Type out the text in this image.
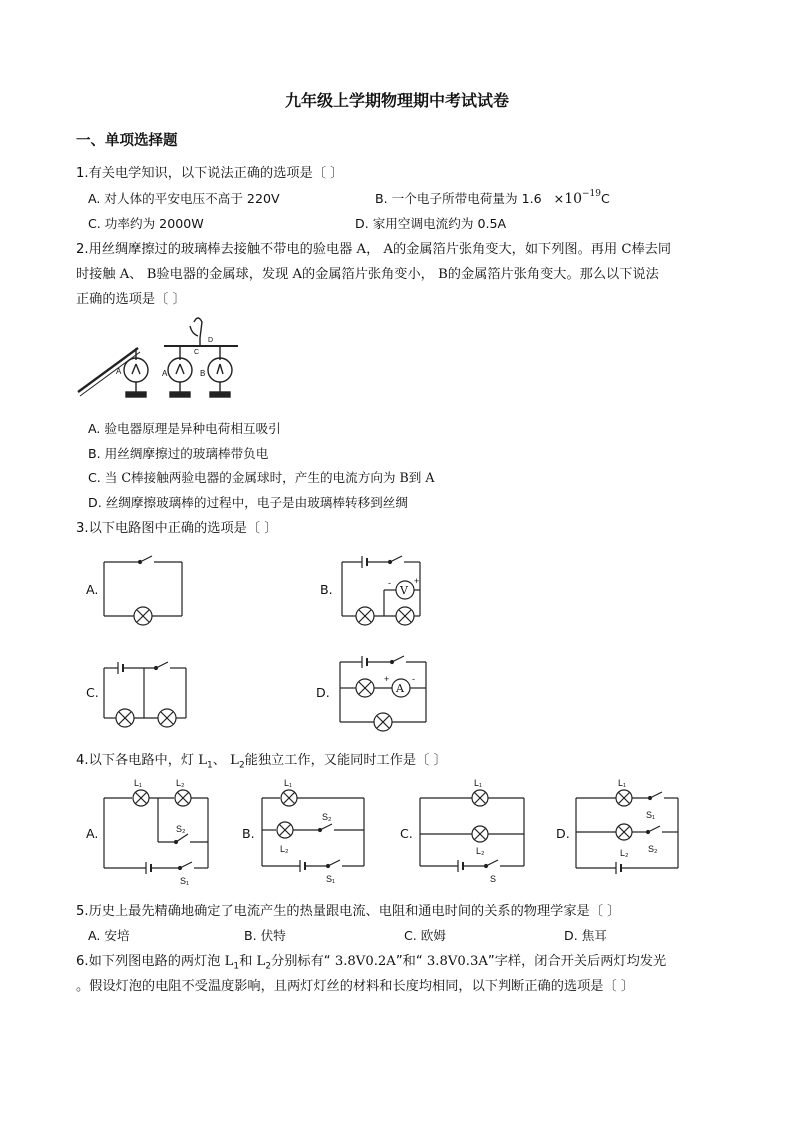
九年级上学期物理期中考试试卷
一、单项选择题
1.有关电学知识，以下说法正确的选项是〔 〕
A. 对人体的平安电压不高于 220V	B. 一个电子所带电荷量为 $1.6 \times 10^{-19}C$
C. 功率约为 2000W	D. 家用空调电流约为 0.5A
2.用丝绸摩擦过的玻璃棒去接触不带电的验电器 A， A的金属箔片张角变大，如下列图。再用 C棒去同
时接触 A、 B验电器的金属球，发现 A的金属箔片张角变小， B的金属箔片张角变大。那么以下说法
正确的选项是〔 〕
A	A	B
C
D
A. 验电器原理是异种电荷相互吸引
B. 用丝绸摩擦过的玻璃棒带负电
C. 当 C棒接触两验电器的金属球时，产生的电流方向为 B到 A
D. 丝绸摩擦玻璃棒的过程中，电子是由玻璃棒转移到丝绸
3.以下电路图中正确的选项是〔 〕
A.	B.	V
-	+
C.	D.	A
+	-
4.以下各电路中，灯 $L_1$、 $L_2$能独立工作，又能同时工作是〔 〕
A.
L₁	L₂
S₂
S₁
B.
L₁
L₂
S₂
S₁
C.
L₁
L₂
S
D.
L₁
L₂
S₁
S₂
5.历史上最先精确地确定了电流产生的热量跟电流、电阻和通电时间的关系的物理学家是〔 〕
A. 安培	B. 伏特	C. 欧姆	D. 焦耳
6.如下列图电路的两灯泡 $L_1$和 $L_2$分别标有“ 3.8V0.2A”和“ 3.8V0.3A”字样，闭合开关后两灯均发光
。假设灯泡的电阻不受温度影响，且两灯灯丝的材料和长度均相同，以下判断正确的选项是〔 〕
